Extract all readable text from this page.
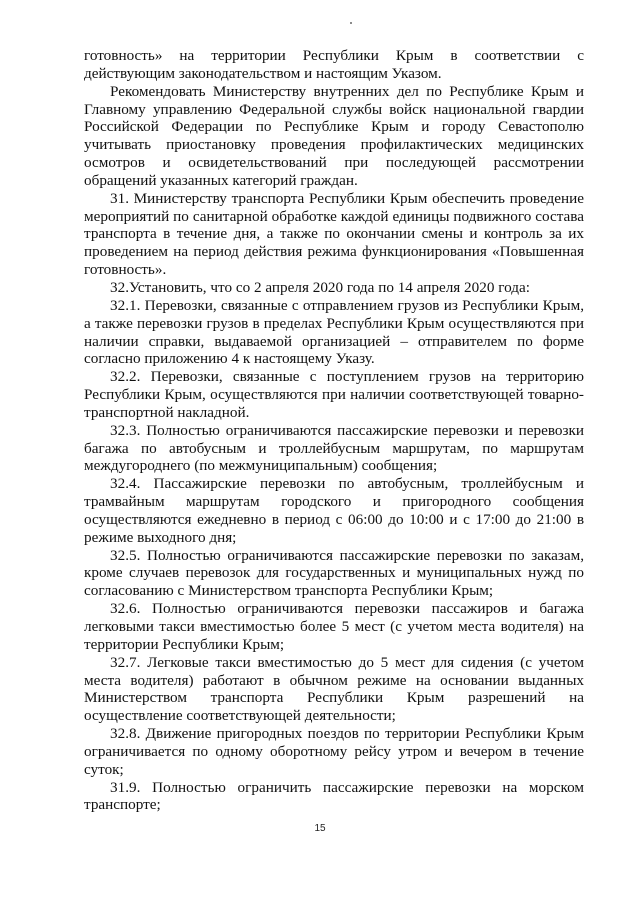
готовность» на территории Республики Крым в соответствии с действующим законодательством и настоящим Указом.

Рекомендовать Министерству внутренних дел по Республике Крым и Главному управлению Федеральной службы войск национальной гвардии Российской Федерации по Республике Крым и городу Севастополю учитывать приостановку проведения профилактических медицинских осмотров и освидетельствований при последующей рассмотрении обращений указанных категорий граждан.

31. Министерству транспорта Республики Крым обеспечить проведение мероприятий по санитарной обработке каждой единицы подвижного состава транспорта в течение дня, а также по окончании смены и контроль за их проведением на период действия режима функционирования «Повышенная готовность».

32.Установить, что со 2 апреля 2020 года по 14 апреля 2020 года:

32.1. Перевозки, связанные с отправлением грузов из Республики Крым, а также перевозки грузов в пределах Республики Крым осуществляются при наличии справки, выдаваемой организацией – отправителем по форме согласно приложению 4 к настоящему Указу.

32.2. Перевозки, связанные с поступлением грузов на территорию Республики Крым, осуществляются при наличии соответствующей товарно-транспортной накладной.

32.3. Полностью ограничиваются пассажирские перевозки и перевозки багажа по автобусным и троллейбусным маршрутам, по маршрутам междугороднего (по межмуниципальным) сообщения;

32.4. Пассажирские перевозки по автобусным, троллейбусным и трамвайным маршрутам городского и пригородного сообщения осуществляются ежедневно в период с 06:00 до 10:00 и с 17:00 до 21:00 в режиме выходного дня;

32.5. Полностью ограничиваются пассажирские перевозки по заказам, кроме случаев перевозок для государственных и муниципальных нужд по согласованию с Министерством транспорта Республики Крым;

32.6. Полностью ограничиваются перевозки пассажиров и багажа легковыми такси вместимостью более 5 мест (с учетом места водителя) на территории Республики Крым;

32.7. Легковые такси вместимостью до 5 мест для сидения (с учетом места водителя) работают в обычном режиме на основании выданных Министерством транспорта Республики Крым разрешений на осуществление соответствующей деятельности;

32.8. Движение пригородных поездов по территории Республики Крым ограничивается по одному оборотному рейсу утром и вечером в течение суток;

31.9. Полностью ограничить пассажирские перевозки на морском транспорте;

15
